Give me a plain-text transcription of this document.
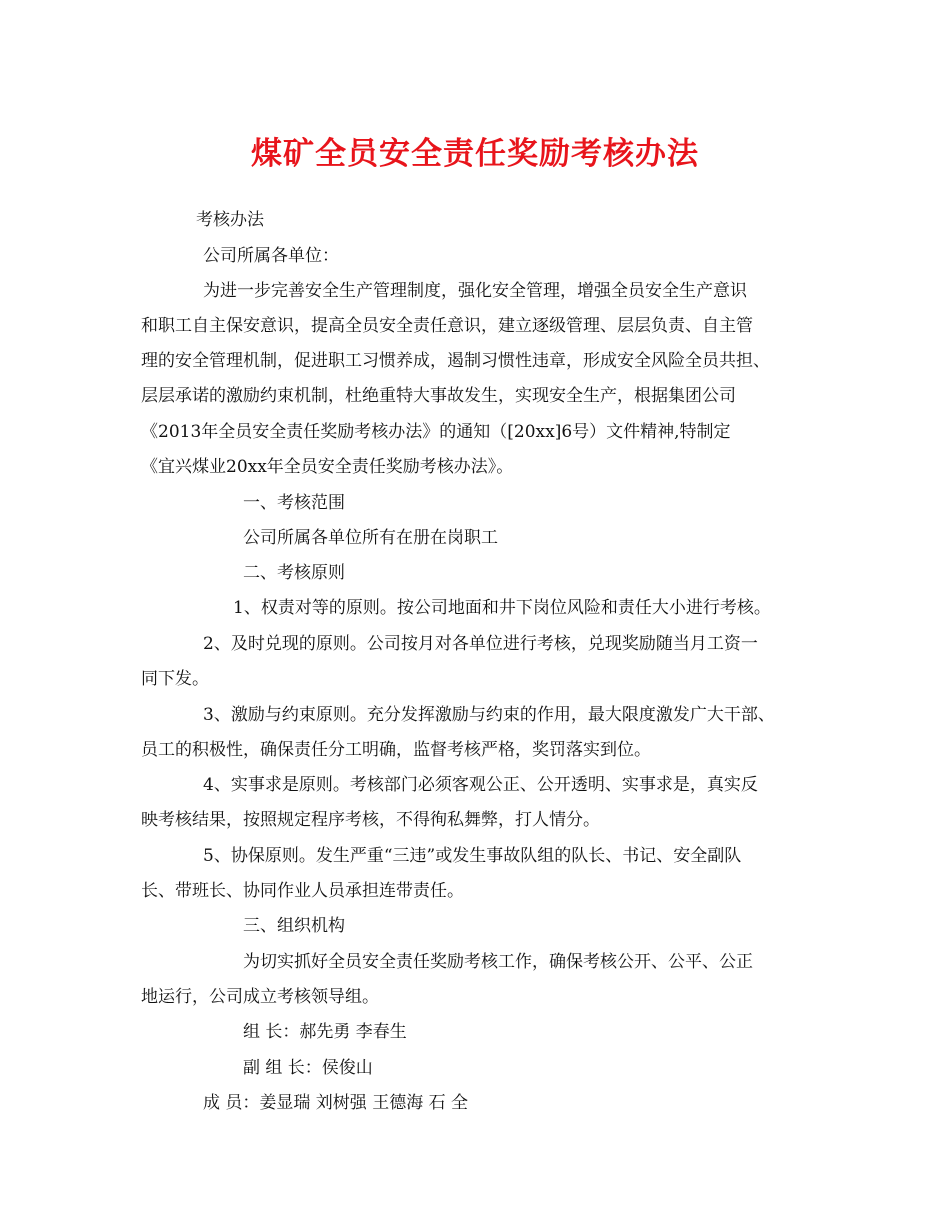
煤矿全员安全责任奖励考核办法
考核办法
公司所属各单位：
为进一步完善安全生产管理制度，强化安全管理，增强全员安全生产意识
和职工自主保安意识，提高全员安全责任意识，建立逐级管理、层层负责、自主管
理的安全管理机制，促进职工习惯养成，遏制习惯性违章，形成安全风险全员共担、
层层承诺的激励约束机制，杜绝重特大事故发生，实现安全生产，根据集团公司
《2013年全员安全责任奖励考核办法》的通知（[20xx]6号）文件精神,特制定
《宜兴煤业20xx年全员安全责任奖励考核办法》。
一、考核范围
公司所属各单位所有在册在岗职工
二、考核原则
1、权责对等的原则。按公司地面和井下岗位风险和责任大小进行考核。
2、及时兑现的原则。公司按月对各单位进行考核，兑现奖励随当月工资一
同下发。
3、激励与约束原则。充分发挥激励与约束的作用，最大限度激发广大干部、
员工的积极性，确保责任分工明确，监督考核严格，奖罚落实到位。
4、实事求是原则。考核部门必须客观公正、公开透明、实事求是，真实反
映考核结果，按照规定程序考核，不得徇私舞弊，打人情分。
5、协保原则。发生严重“三违”或发生事故队组的队长、书记、安全副队
长、带班长、协同作业人员承担连带责任。
三、组织机构
为切实抓好全员安全责任奖励考核工作，确保考核公开、公平、公正
地运行，公司成立考核领导组。
组 长：郝先勇 李春生
副 组 长：侯俊山
成 员：姜显瑞 刘树强 王德海 石 全
